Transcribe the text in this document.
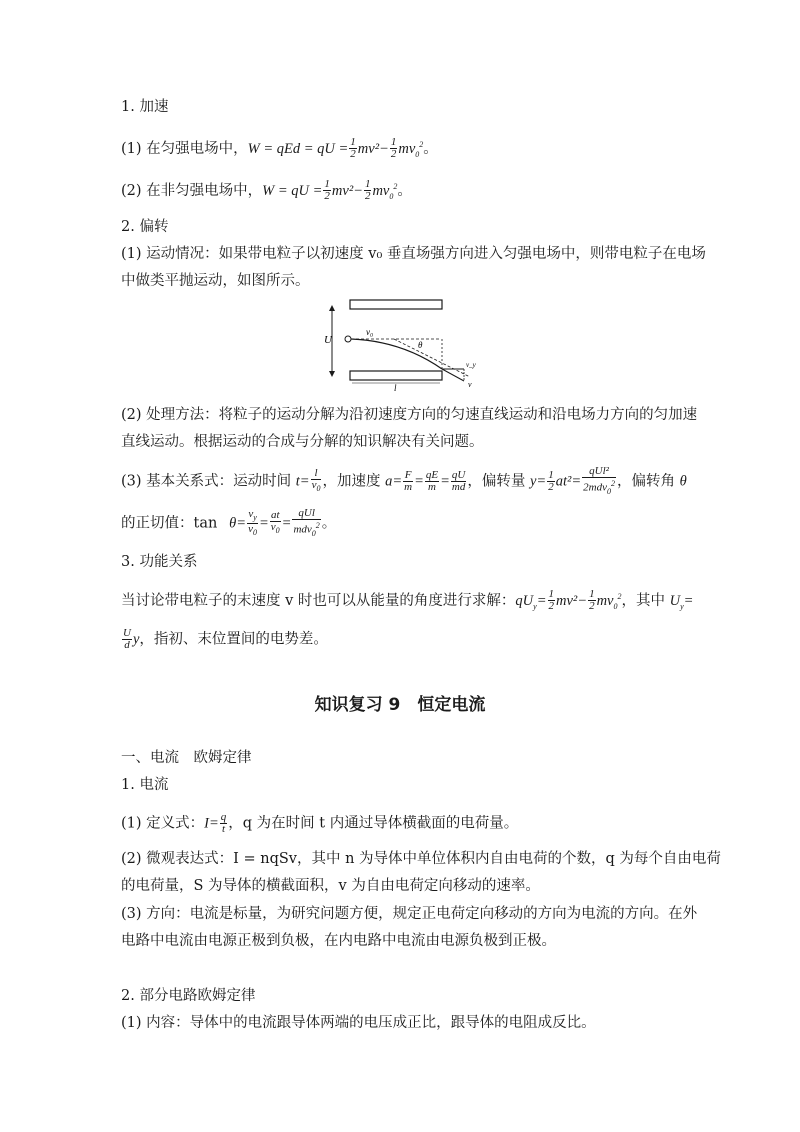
1. 加速
(1) 在匀强电场中，W = qEd = qU = $\frac{1}{2} mv^2- \frac{1}{2} mv_0^2$。
(2) 在非匀强电场中，W = qU = $\frac{1}{2} mv^2- \frac{1}{2} mv_0^2$。
2. 偏转
(1) 运动情况：如果带电粒子以初速度 v₀ 垂直场强方向进入匀强电场中，则带电粒子在电场
中做类平抛运动，如图所示。
U
v₀
θ
l
v_y
v
(2) 处理方法：将粒子的运动分解为沿初速度方向的匀速直线运动和沿电场力方向的匀加速
直线运动。根据运动的合成与分解的知识解决有关问题。
(3) 基本关系式：运动时间 $t= \frac{l}{v_0}$ ，加速度 $a= \frac{F}{m} = \frac{qE}{m} = \frac{qU}{md}$ ，偏转量 $y= \frac{1}{2} at^2= \frac{\text{qUl²}}{2mdv_0^2}$ ，偏转角 θ
的正切值：$\tan \theta= \frac{v_y}{v_0} = \frac{at}{v_0} = \frac{\text{qUl}}{mdv_0^2}$ 。
3. 功能关系
当讨论带电粒子的末速度 v 时也可以从能量的角度进行求解：$qU_y= \frac{1}{2} mv^2- \frac{1}{2} mv_0^2$，其中 $U_y=$
$\frac{U}{d}$ y，指初、末位置间的电势差。
知识复习 9　恒定电流
一、电流　欧姆定律
1. 电流
(1) 定义式：$I= \frac{q}{t}$ ，q 为在时间 t 内通过导体横截面的电荷量。
(2) 微观表达式：I = nqSv，其中 n 为导体中单位体积内自由电荷的个数，q 为每个自由电荷
的电荷量，S 为导体的横截面积，v 为自由电荷定向移动的速率。
(3) 方向：电流是标量，为研究问题方便，规定正电荷定向移动的方向为电流的方向。在外
电路中电流由电源正极到负极，在内电路中电流由电源负极到正极。
2. 部分电路欧姆定律
(1) 内容：导体中的电流跟导体两端的电压成正比，跟导体的电阻成反比。
